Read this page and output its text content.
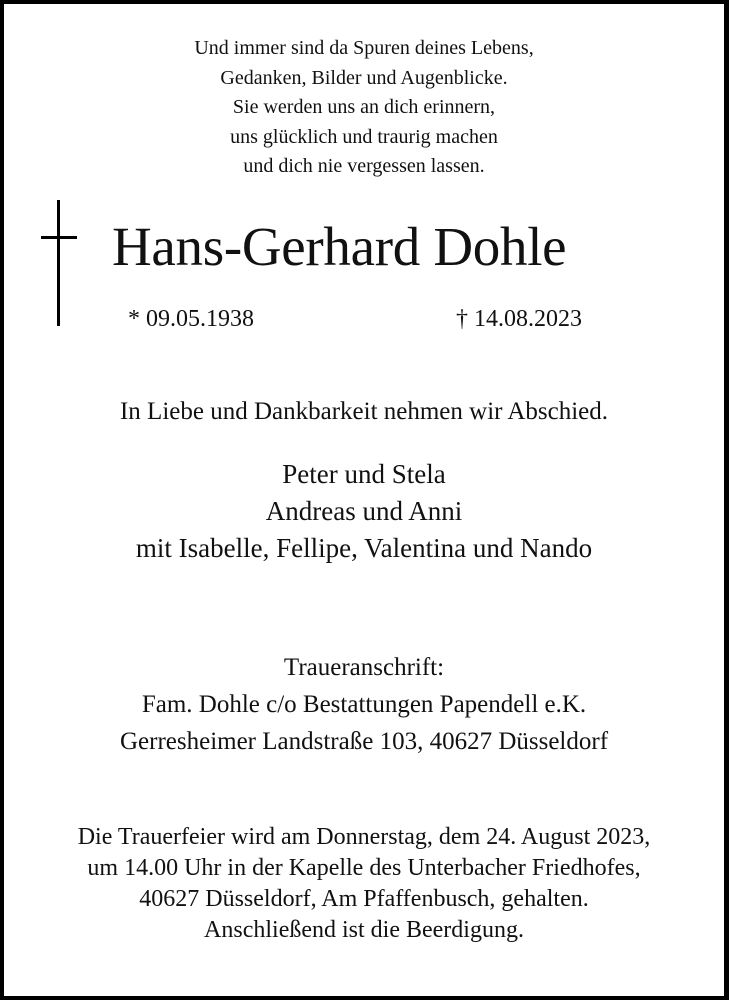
Und immer sind da Spuren deines Lebens,
Gedanken, Bilder und Augenblicke.
Sie werden uns an dich erinnern,
uns glücklich und traurig machen
und dich nie vergessen lassen.
Hans-Gerhard Dohle
* 09.05.1938	† 14.08.2023
In Liebe und Dankbarkeit nehmen wir Abschied.
Peter und Stela
Andreas und Anni
mit Isabelle, Fellipe, Valentina und Nando
Traueranschrift:
Fam. Dohle c/o Bestattungen Papendell e.K.
Gerresheimer Landstraße 103, 40627 Düsseldorf
Die Trauerfeier wird am Donnerstag, dem 24. August 2023,
um 14.00 Uhr in der Kapelle des Unterbacher Friedhofes,
40627 Düsseldorf, Am Pfaffenbusch, gehalten.
Anschließend ist die Beerdigung.
